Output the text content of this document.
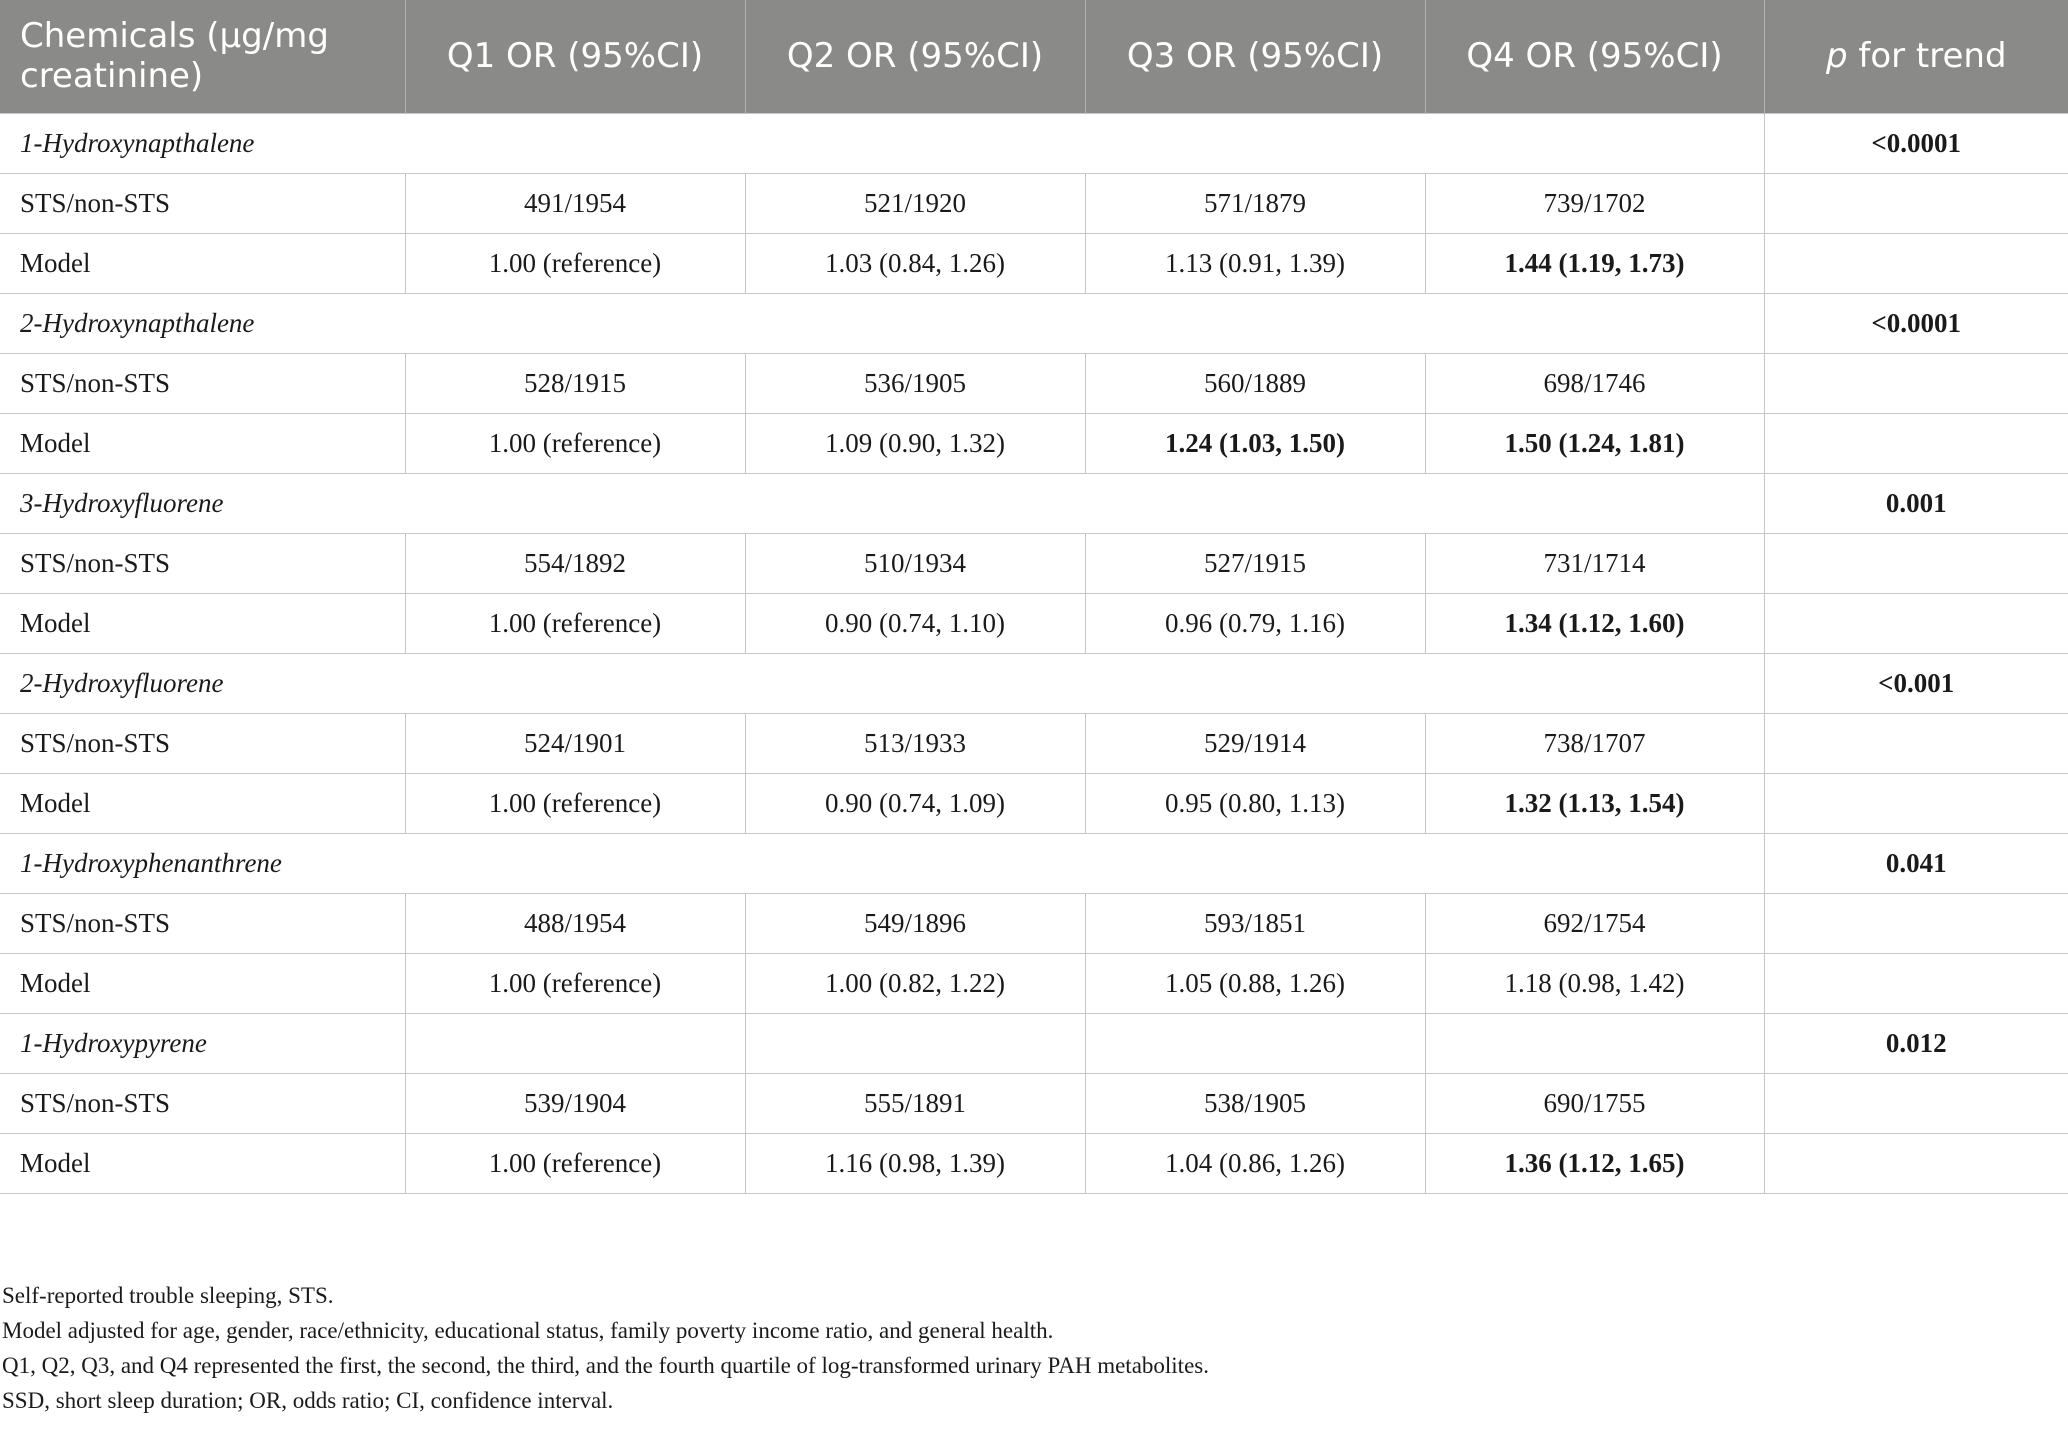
Chemicals (µg/mg creatinine)	Q1 OR (95%CI)	Q2 OR (95%CI)	Q3 OR (95%CI)	Q4 OR (95%CI)	p for trend
1-Hydroxynapthalene					<0.0001
STS/non-STS	491/1954	521/1920	571/1879	739/1702	
Model	1.00 (reference)	1.03 (0.84, 1.26)	1.13 (0.91, 1.39)	1.44 (1.19, 1.73)	
2-Hydroxynapthalene					<0.0001
STS/non-STS	528/1915	536/1905	560/1889	698/1746	
Model	1.00 (reference)	1.09 (0.90, 1.32)	1.24 (1.03, 1.50)	1.50 (1.24, 1.81)	
3-Hydroxyfluorene					0.001
STS/non-STS	554/1892	510/1934	527/1915	731/1714	
Model	1.00 (reference)	0.90 (0.74, 1.10)	0.96 (0.79, 1.16)	1.34 (1.12, 1.60)	
2-Hydroxyfluorene					<0.001
STS/non-STS	524/1901	513/1933	529/1914	738/1707	
Model	1.00 (reference)	0.90 (0.74, 1.09)	0.95 (0.80, 1.13)	1.32 (1.13, 1.54)	
1-Hydroxyphenanthrene					0.041
STS/non-STS	488/1954	549/1896	593/1851	692/1754	
Model	1.00 (reference)	1.00 (0.82, 1.22)	1.05 (0.88, 1.26)	1.18 (0.98, 1.42)	
1-Hydroxypyrene					0.012
STS/non-STS	539/1904	555/1891	538/1905	690/1755	
Model	1.00 (reference)	1.16 (0.98, 1.39)	1.04 (0.86, 1.26)	1.36 (1.12, 1.65)	
Self-reported trouble sleeping, STS.
Model adjusted for age, gender, race/ethnicity, educational status, family poverty income ratio, and general health.
Q1, Q2, Q3, and Q4 represented the first, the second, the third, and the fourth quartile of log-transformed urinary PAH metabolites.
SSD, short sleep duration; OR, odds ratio; CI, confidence interval.
